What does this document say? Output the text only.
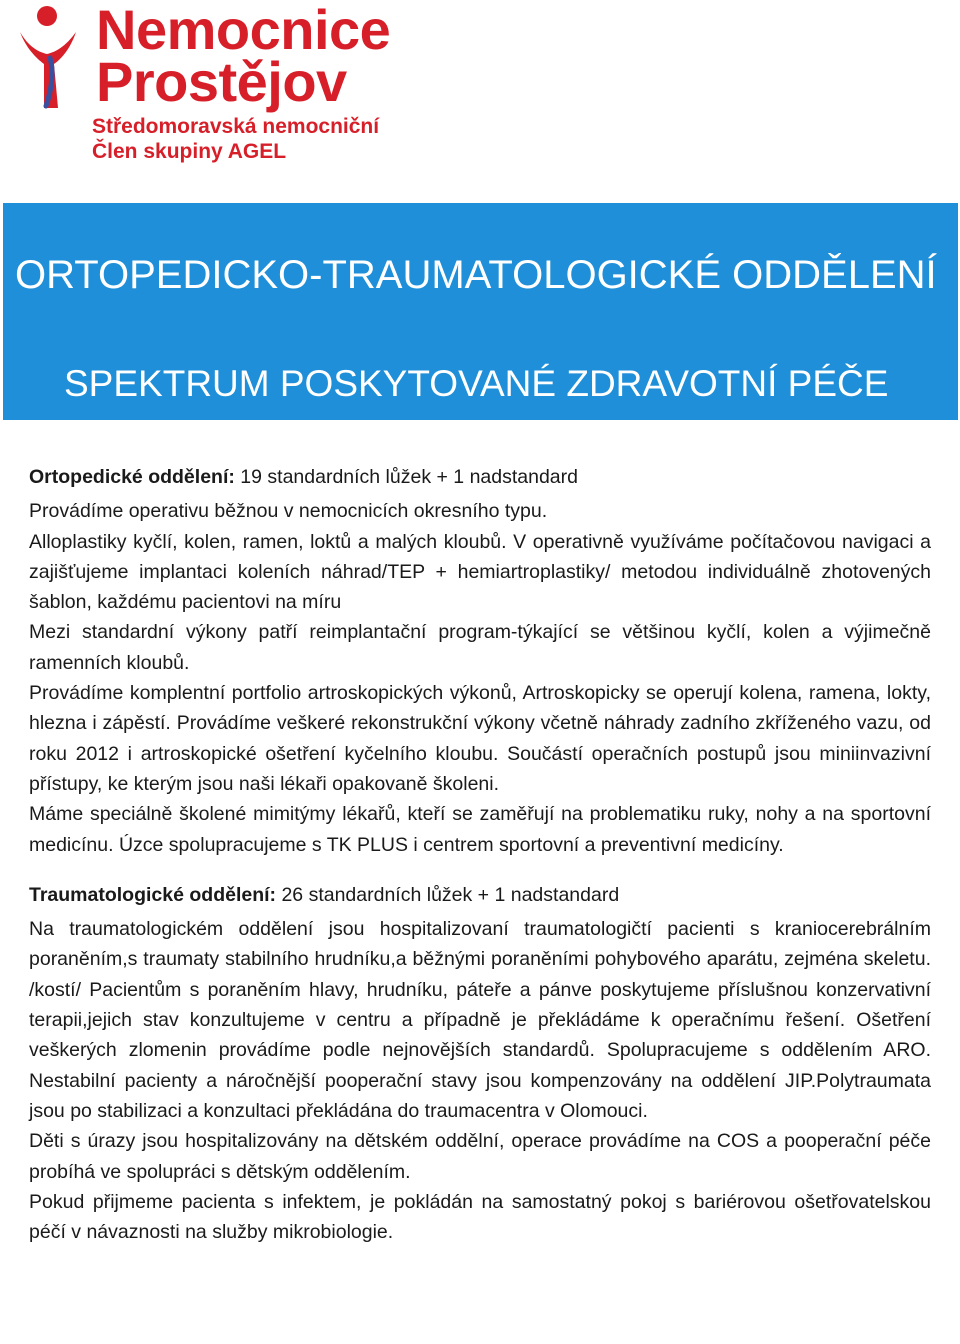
Nemocnice
Prostějov
Středomoravská nemocniční
Člen skupiny AGEL
ORTOPEDICKO-TRAUMATOLOGICKÉ ODDĚLENÍ
SPEKTRUM POSKYTOVANÉ ZDRAVOTNÍ PÉČE

Ortopedické oddělení: 19 standardních lůžek + 1 nadstandard

Provádíme operativu běžnou v nemocnicích okresního typu.

Alloplastiky kyčlí, kolen, ramen, loktů a malých kloubů. V operativně využíváme počítačovou navigaci a zajišťujeme implantaci koleních náhrad/TEP + hemiartroplastiky/ metodou individuálně zhotovených šablon, každému pacientovi na míru

Mezi standardní výkony patří reimplantační program-týkající se většinou kyčlí, kolen a výjimečně ramenních kloubů.

Provádíme komplentní portfolio artroskopických výkonů, Artroskopicky se operují kolena, ramena, lokty, hlezna i zápěstí. Provádíme veškeré rekonstrukční výkony včetně náhrady zadního zkříženého vazu, od roku 2012 i artroskopické ošetření kyčelního kloubu. Součástí operačních postupů jsou miniinvazivní přístupy, ke kterým jsou naši lékaři opakovaně školeni.

Máme speciálně školené mimitýmy lékařů, kteří se zaměřují na problematiku ruky, nohy a na sportovní medicínu. Úzce spolupracujeme s TK PLUS i centrem sportovní a preventivní medicíny.

Traumatologické oddělení: 26 standardních lůžek + 1 nadstandard

Na traumatologickém oddělení jsou hospitalizovaní traumatologičtí pacienti s kraniocerebrálním poraněním,s traumaty stabilního hrudníku,a běžnými poraněními pohybového aparátu, zejména skeletu. /kostí/ Pacientům s poraněním hlavy, hrudníku, páteře a pánve poskytujeme příslušnou konzervativní terapii,jejich stav konzultujeme v centru a případně je překládáme k operačnímu řešení. Ošetření veškerých zlomenin provádíme podle nejnovějších standardů. Spolupracujeme s oddělením ARO. Nestabilní pacienty a náročnější pooperační stavy jsou kompenzovány na oddělení JIP.Polytraumata jsou po stabilizaci a konzultaci překládána do traumacentra v Olomouci.

Děti s úrazy jsou hospitalizovány na dětském oddělní, operace provádíme na COS a pooperační péče probíhá ve spolupráci s dětským oddělením.

Pokud přijmeme pacienta s infektem, je pokládán na samostatný pokoj s bariérovou ošetřovatelskou péčí v návaznosti na služby mikrobiologie.
